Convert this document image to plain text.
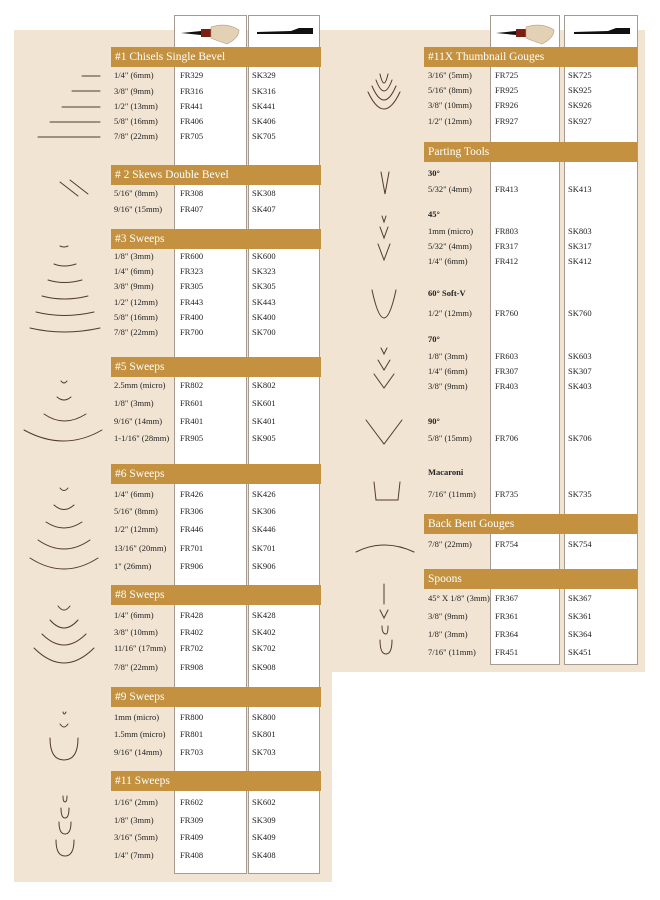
#1 Chisels Single Bevel
1/4" (6mm)	FR329	SK329
3/8" (9mm)	FR316	SK316
1/2" (13mm)	FR441	SK441
5/8" (16mm)	FR406	SK406
7/8" (22mm)	FR705	SK705
# 2 Skews Double Bevel
5/16" (8mm)	FR308	SK308
9/16" (15mm) FR407	SK407
#3 Sweeps
1/8" (3mm)	FR600	SK600
1/4" (6mm)	FR323	SK323
3/8" (9mm)	FR305	SK305
1/2" (12mm)	FR443	SK443
5/8" (16mm)	FR400	SK400
7/8" (22mm)	FR700	SK700
#5 Sweeps
2.5mm (micro) FR802	SK802
1/8" (3mm)	FR601	SK601
9/16" (14mm) FR401	SK401
1-1/16" (28mm) FR905	SK905
#6 Sweeps
1/4" (6mm)	FR426	SK426
5/16" (8mm)	FR306	SK306
1/2" (12mm)	FR446	SK446
13/16" (20mm) FR701	SK701
1" (26mm)	FR906	SK906
#8 Sweeps
1/4" (6mm)	FR428	SK428
3/8" (10mm)	FR402	SK402
11/16" (17mm) FR702	SK702
7/8" (22mm)	FR908	SK908
#9 Sweeps
1mm (micro) FR800	SK800
1.5mm (micro) FR801	SK801
9/16" (14mm) FR703	SK703
#11 Sweeps
1/16" (2mm)	FR602	SK602
1/8" (3mm)	FR309	SK309
3/16" (5mm)	FR409	SK409
1/4" (7mm)	FR408	SK408
#11X Thumbnail Gouges
3/16" (5mm)	FR725	SK725
5/16" (8mm)	FR925	SK925
3/8" (10mm)	FR926	SK926
1/2" (12mm)	FR927	SK927
Parting Tools
30°
5/32" (4mm)	FR413	SK413
45°
1mm (micro)	FR803	SK803
5/32" (4mm)	FR317	SK317
1/4" (6mm)	FR412	SK412
60° Soft-V
1/2" (12mm)	FR760	SK760
70°
1/8" (3mm)	FR603	SK603
1/4" (6mm)	FR307	SK307
3/8" (9mm)	FR403	SK403
90°
5/8" (15mm)	FR706	SK706
Macaroni
7/16" (11mm) FR735	SK735
Back Bent Gouges
7/8" (22mm)	FR754	SK754
Spoons
45° X 1/8" (3mm) FR367	SK367
3/8" (9mm)	FR361	SK361
1/8" (3mm)	FR364	SK364
7/16" (11mm) FR451	SK451
